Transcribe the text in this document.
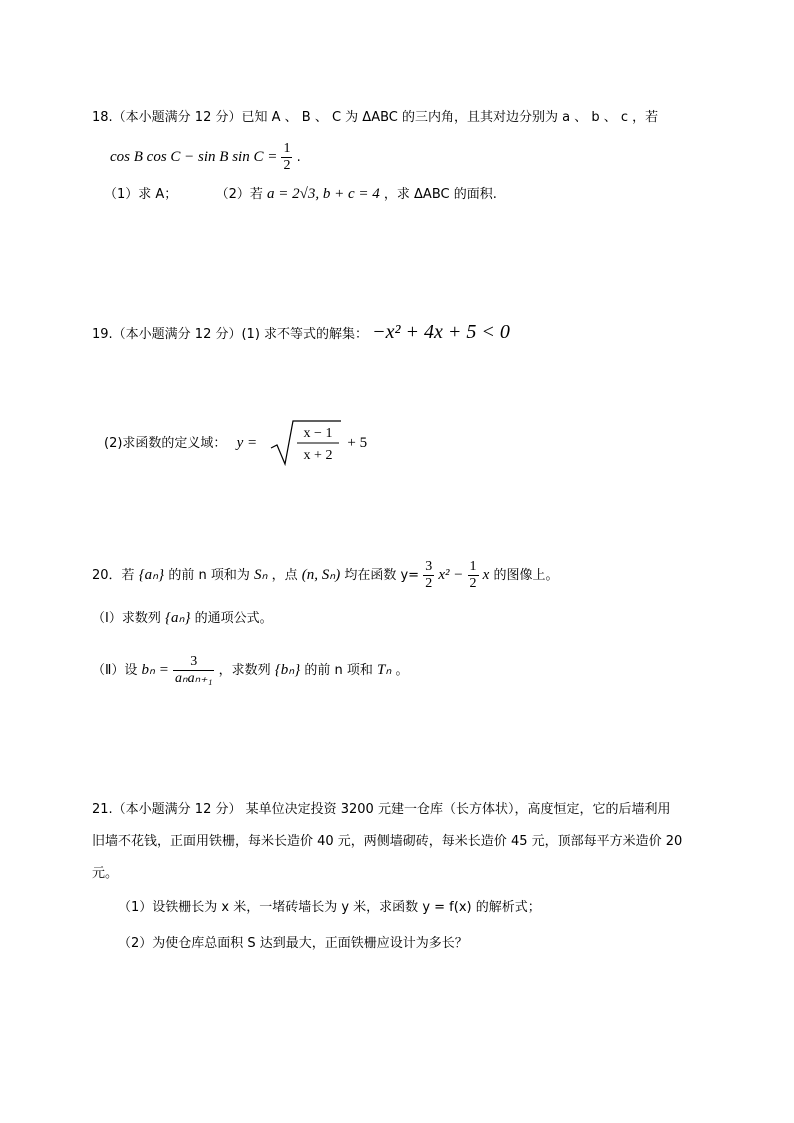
18.（本小题满分 12 分）已知 A 、 B 、 C 为 ΔABC 的三内角，且其对边分别为 a 、 b 、 c ，若
cos B cos C − sin B $\sin C = \frac{1}{2}$ .
（1）求 A；	（2）若 a = 2√3, b + c = 4 ，求 ΔABC 的面积.
19.（本小题满分 12 分）(1) 求不等式的解集： −x² + 4x + 5 < 0
(2)求函数的定义域： y =
x − 1
x + 2
+ 5
20．若 {aₙ} 的前 n 项和为 Sₙ ，点 (n, Sₙ) 均在函数 $y= \frac{3}{2} x^2 - \frac{1}{2}$ x 的图像上。
（Ⅰ）求数列 {aₙ} 的通项公式。
（Ⅱ）设 $b_n = \frac{3}{\text{aₙaₙ₊₁}}$ ，求数列 {bₙ} 的前 n 项和 Tₙ 。
21.（本小题满分 12 分） 某单位决定投资 3200 元建一仓库（长方体状），高度恒定，它的后墙利用
旧墙不花钱，正面用铁栅，每米长造价 40 元，两侧墙砌砖，每米长造价 45 元，顶部每平方米造价 20
元。
（1）设铁栅长为 x 米，一堵砖墙长为 y 米，求函数 y = f(x) 的解析式；
（2）为使仓库总面积 S 达到最大，正面铁栅应设计为多长？
